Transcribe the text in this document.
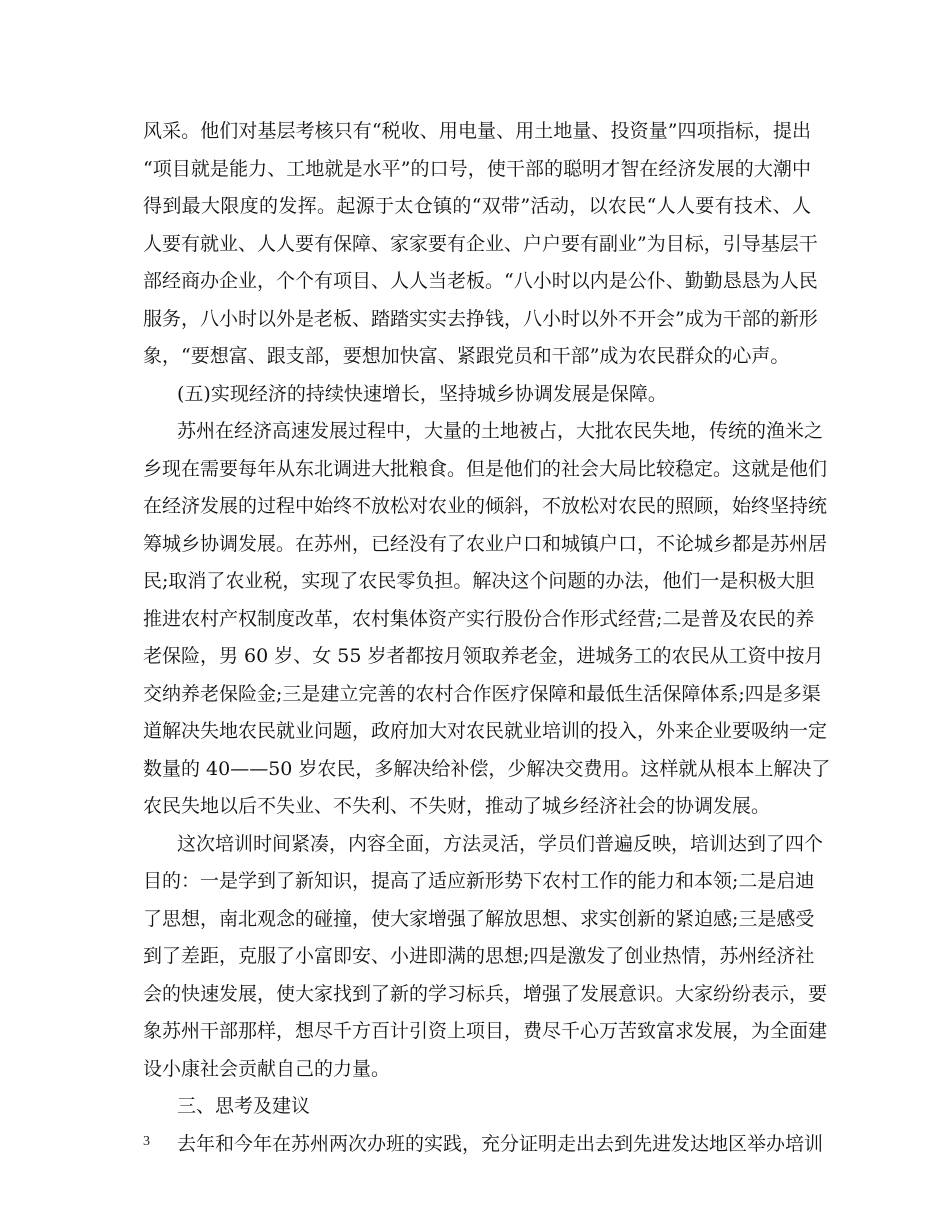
风采。他们对基层考核只有“税收、用电量、用土地量、投资量”四项指标，提出
“项目就是能力、工地就是水平”的口号，使干部的聪明才智在经济发展的大潮中
得到最大限度的发挥。起源于太仓镇的“双带”活动，以农民“人人要有技术、人
人要有就业、人人要有保障、家家要有企业、户户要有副业”为目标，引导基层干
部经商办企业，个个有项目、人人当老板。“八小时以内是公仆、勤勤恳恳为人民
服务，八小时以外是老板、踏踏实实去挣钱，八小时以外不开会”成为干部的新形
象，“要想富、跟支部，要想加快富、紧跟党员和干部”成为农民群众的心声。
(五)实现经济的持续快速增长，坚持城乡协调发展是保障。
苏州在经济高速发展过程中，大量的土地被占，大批农民失地，传统的渔米之
乡现在需要每年从东北调进大批粮食。但是他们的社会大局比较稳定。这就是他们
在经济发展的过程中始终不放松对农业的倾斜，不放松对农民的照顾，始终坚持统
筹城乡协调发展。在苏州，已经没有了农业户口和城镇户口，不论城乡都是苏州居
民;取消了农业税，实现了农民零负担。解决这个问题的办法，他们一是积极大胆
推进农村产权制度改革，农村集体资产实行股份合作形式经营;二是普及农民的养
老保险，男 60 岁、女 55 岁者都按月领取养老金，进城务工的农民从工资中按月
交纳养老保险金;三是建立完善的农村合作医疗保障和最低生活保障体系;四是多渠
道解决失地农民就业问题，政府加大对农民就业培训的投入，外来企业要吸纳一定
数量的 40——50 岁农民，多解决给补偿，少解决交费用。这样就从根本上解决了
农民失地以后不失业、不失利、不失财，推动了城乡经济社会的协调发展。
这次培训时间紧凑，内容全面，方法灵活，学员们普遍反映，培训达到了四个
目的：一是学到了新知识，提高了适应新形势下农村工作的能力和本领;二是启迪
了思想，南北观念的碰撞，使大家增强了解放思想、求实创新的紧迫感;三是感受
到了差距，克服了小富即安、小进即满的思想;四是激发了创业热情，苏州经济社
会的快速发展，使大家找到了新的学习标兵，增强了发展意识。大家纷纷表示，要
象苏州干部那样，想尽千方百计引资上项目，费尽千心万苦致富求发展，为全面建
设小康社会贡献自己的力量。
三、思考及建议
去年和今年在苏州两次办班的实践，充分证明走出去到先进发达地区举办培训
3
